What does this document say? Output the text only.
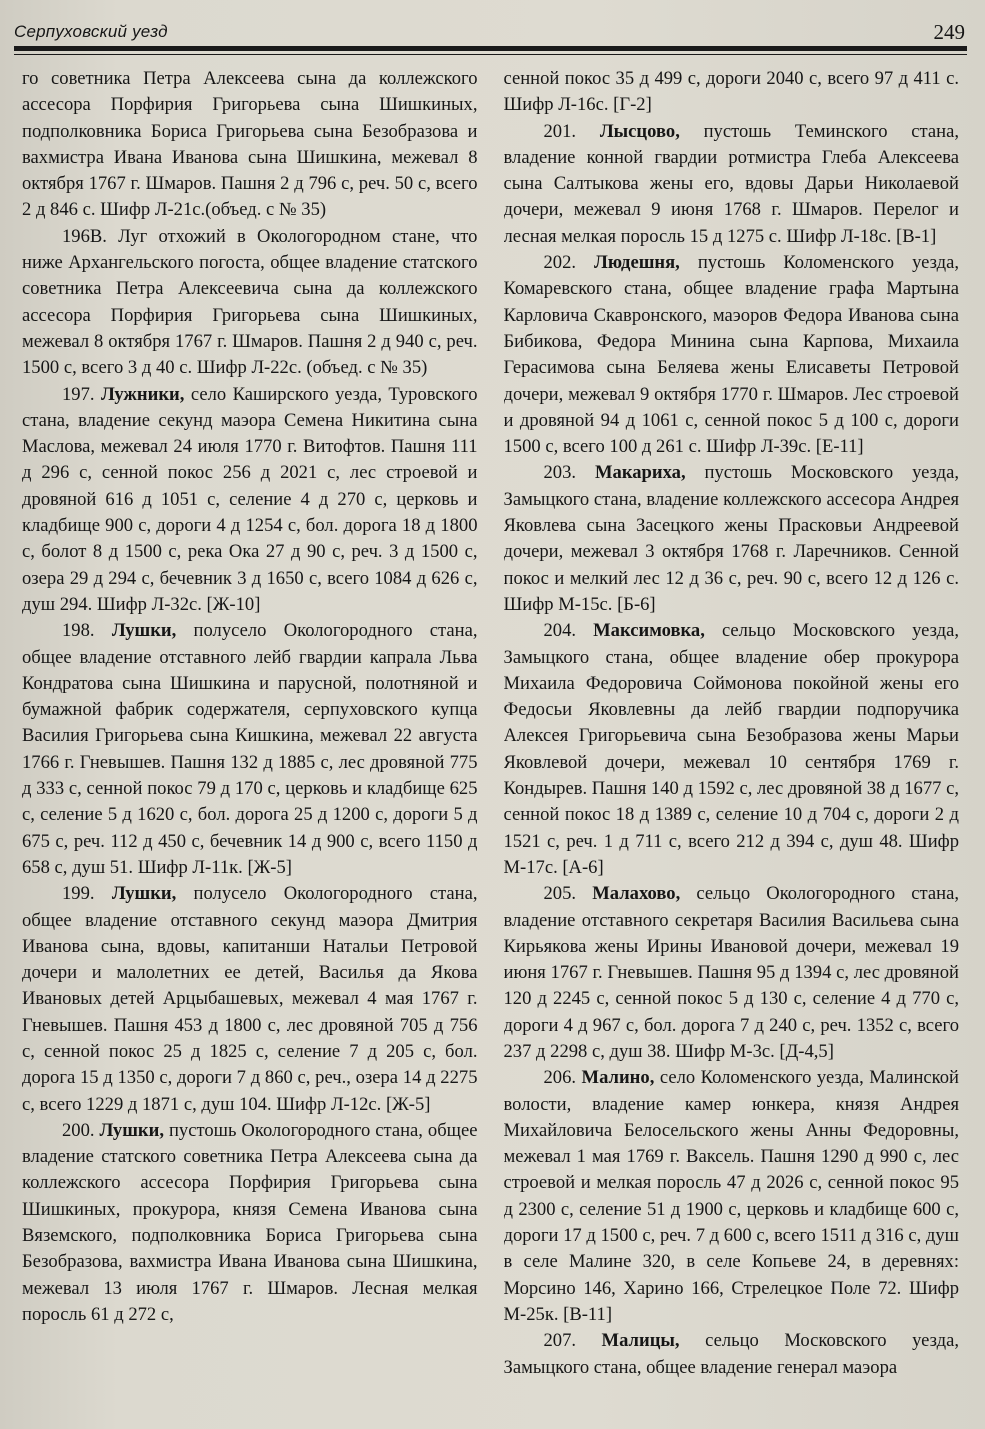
Серпуховский уезд	249

го советника Петра Алексеева сына да коллежского ассесора Порфирия Григорьева сына Шишкиных, подполковника Бориса Григорьева сына Безобразова и вахмистра Ивана Иванова сына Шишкина, межевал 8 октября 1767 г. Шмаров. Пашня 2 д 796 с, реч. 50 с, всего 2 д 846 с. Шифр Л-21с.(объед. с № 35)

196В. Луг отхожий в Окологородном стане, что ниже Архангельского погоста, общее владение статского советника Петра Алексеевича сына да коллежского ассесора Порфирия Григорьева сына Шишкиных, межевал 8 октября 1767 г. Шмаров. Пашня 2 д 940 с, реч. 1500 с, всего 3 д 40 с. Шифр Л-22с. (объед. с № 35)

197. Лужники, село Каширского уезда, Туровского стана, владение секунд маэора Семена Никитина сына Маслова, межевал 24 июля 1770 г. Витофтов. Пашня 111 д 296 с, сенной покос 256 д 2021 с, лес строевой и дровяной 616 д 1051 с, селение 4 д 270 с, церковь и кладбище 900 с, дороги 4 д 1254 с, бол. дорога 18 д 1800 с, болот 8 д 1500 с, река Ока 27 д 90 с, реч. 3 д 1500 с, озера 29 д 294 с, бечевник 3 д 1650 с, всего 1084 д 626 с, душ 294. Шифр Л-32с. [Ж-10]

198. Лушки, полусело Окологородного стана, общее владение отставного лейб гвардии капрала Льва Кондратова сына Шишкина и парусной, полотняной и бумажной фабрик содержателя, серпуховского купца Василия Григорьева сына Кишкина, межевал 22 августа 1766 г. Гневышев. Пашня 132 д 1885 с, лес дровяной 775 д 333 с, сенной покос 79 д 170 с, церковь и кладбище 625 с, селение 5 д 1620 с, бол. дорога 25 д 1200 с, дороги 5 д 675 с, реч. 112 д 450 с, бечевник 14 д 900 с, всего 1150 д 658 с, душ 51. Шифр Л-11к. [Ж-5]

199. Лушки, полусело Окологородного стана, общее владение отставного секунд маэора Дмитрия Иванова сына, вдовы, капитанши Натальи Петровой дочери и малолетних ее детей, Василья да Якова Ивановых детей Арцыбашевых, межевал 4 мая 1767 г. Гневышев. Пашня 453 д 1800 с, лес дровяной 705 д 756 с, сенной покос 25 д 1825 с, селение 7 д 205 с, бол. дорога 15 д 1350 с, дороги 7 д 860 с, реч., озера 14 д 2275 с, всего 1229 д 1871 с, душ 104. Шифр Л-12с. [Ж-5]

200. Лушки, пустошь Окологородного стана, общее владение статского советника Петра Алексеева сына да коллежского ассесора Порфирия Григорьева сына Шишкиных, прокурора, князя Семена Иванова сына Вяземского, подполковника Бориса Григорьева сына Безобразова, вахмистра Ивана Иванова сына Шишкина, межевал 13 июля 1767 г. Шмаров. Лесная мелкая поросль 61 д 272 с,

сенной покос 35 д 499 с, дороги 2040 с, всего 97 д 411 с. Шифр Л-16с. [Г-2]

201. Лысцово, пустошь Теминского стана, владение конной гвардии ротмистра Глеба Алексеева сына Салтыкова жены его, вдовы Дарьи Николаевой дочери, межевал 9 июня 1768 г. Шмаров. Перелог и лесная мелкая поросль 15 д 1275 с. Шифр Л-18с. [В-1]

202. Людешня, пустошь Коломенского уезда, Комаревского стана, общее владение графа Мартына Карловича Скавронского, маэоров Федора Иванова сына Бибикова, Федора Минина сына Карпова, Михаила Герасимова сына Беляева жены Елисаветы Петровой дочери, межевал 9 октября 1770 г. Шмаров. Лес строевой и дровяной 94 д 1061 с, сенной покос 5 д 100 с, дороги 1500 с, всего 100 д 261 с. Шифр Л-39с. [Е-11]

203. Макариха, пустошь Московского уезда, Замыцкого стана, владение коллежского ассесора Андрея Яковлева сына Засецкого жены Прасковьи Андреевой дочери, межевал 3 октября 1768 г. Ларечников. Сенной покос и мелкий лес 12 д 36 с, реч. 90 с, всего 12 д 126 с. Шифр М-15с. [Б-6]

204. Максимовка, сельцо Московского уезда, Замыцкого стана, общее владение обер прокурора Михаила Федоровича Соймонова покойной жены его Федосьи Яковлевны да лейб гвардии подпоручика Алексея Григорьевича сына Безобразова жены Марьи Яковлевой дочери, межевал 10 сентября 1769 г. Кондырев. Пашня 140 д 1592 с, лес дровяной 38 д 1677 с, сенной покос 18 д 1389 с, селение 10 д 704 с, дороги 2 д 1521 с, реч. 1 д 711 с, всего 212 д 394 с, душ 48. Шифр М-17с. [А-6]

205. Малахово, сельцо Окологородного стана, владение отставного секретаря Василия Васильева сына Кирьякова жены Ирины Ивановой дочери, межевал 19 июня 1767 г. Гневышев. Пашня 95 д 1394 с, лес дровяной 120 д 2245 с, сенной покос 5 д 130 с, селение 4 д 770 с, дороги 4 д 967 с, бол. дорога 7 д 240 с, реч. 1352 с, всего 237 д 2298 с, душ 38. Шифр М-3с. [Д-4,5]

206. Малино, село Коломенского уезда, Малинской волости, владение камер юнкера, князя Андрея Михайловича Белосельского жены Анны Федоровны, межевал 1 мая 1769 г. Ваксель. Пашня 1290 д 990 с, лес строевой и мелкая поросль 47 д 2026 с, сенной покос 95 д 2300 с, селение 51 д 1900 с, церковь и кладбище 600 с, дороги 17 д 1500 с, реч. 7 д 600 с, всего 1511 д 316 с, душ в селе Малине 320, в селе Копьеве 24, в деревнях: Морсино 146, Харино 166, Стрелецкое Поле 72. Шифр М-25к. [В-11]

207. Малицы, сельцо Московского уезда, Замыцкого стана, общее владение генерал маэора
